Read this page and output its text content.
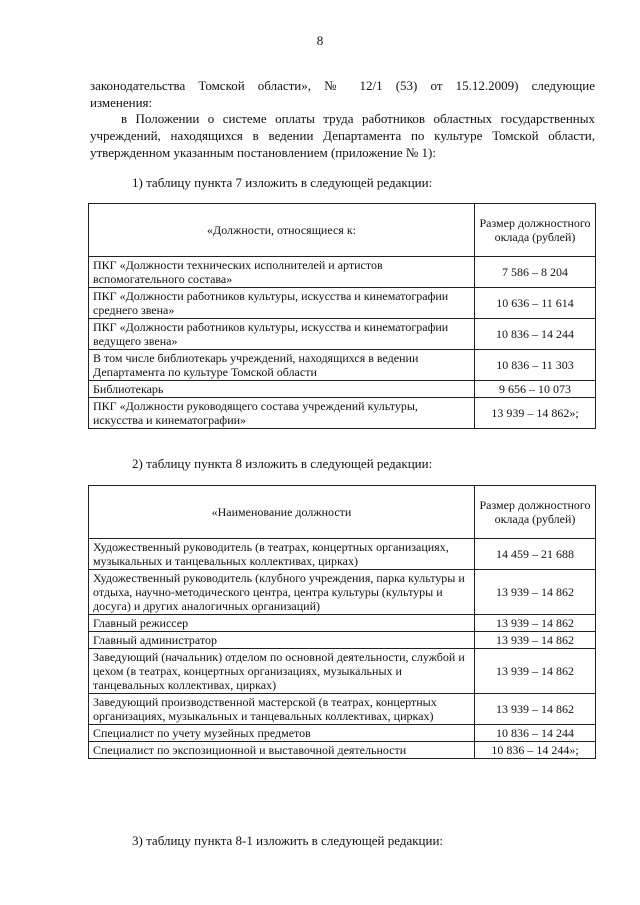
8

законодательства Томской области», № 12/1 (53) от 15.12.2009) следующие
изменения:

в Положении о системе оплаты труда работников областных государственных учреждений, находящихся в ведении Департамента по культуре Томской области, утвержденном указанным постановлением (приложение № 1):

1) таблицу пункта 7 изложить в следующей редакции:

«Должности, относящиеся к:	Размер должностного оклада (рублей)
ПКГ «Должности технических исполнителей и артистов вспомогательного состава»	7 586 – 8 204
ПКГ «Должности работников культуры, искусства и кинематографии среднего звена»	10 636 – 11 614
ПКГ «Должности работников культуры, искусства и кинематографии ведущего звена»	10 836 – 14 244
В том числе библиотекарь учреждений, находящихся в ведении Департамента по культуре Томской области	10 836 – 11 303
Библиотекарь	9 656 – 10 073
ПКГ «Должности руководящего состава учреждений культуры, искусства и кинематографии»	13 939 – 14 862»;

2) таблицу пункта 8 изложить в следующей редакции:

«Наименование должности	Размер должностного оклада (рублей)
Художественный руководитель (в театрах, концертных организациях, музыкальных и танцевальных коллективах, цирках)	14 459 – 21 688
Художественный руководитель (клубного учреждения, парка культуры и отдыха, научно-методического центра, центра культуры (культуры и досуга) и других аналогичных организаций)	13 939 – 14 862
Главный режиссер	13 939 – 14 862
Главный администратор	13 939 – 14 862
Заведующий (начальник) отделом по основной деятельности, службой и цехом (в театрах, концертных организациях, музыкальных и танцевальных коллективах, цирках)	13 939 – 14 862
Заведующий производственной мастерской (в театрах, концертных организациях, музыкальных и танцевальных коллективах, цирках)	13 939 – 14 862
Специалист по учету музейных предметов	10 836 – 14 244
Специалист по экспозиционной и выставочной деятельности	10 836 – 14 244»;

3) таблицу пункта 8-1 изложить в следующей редакции:
